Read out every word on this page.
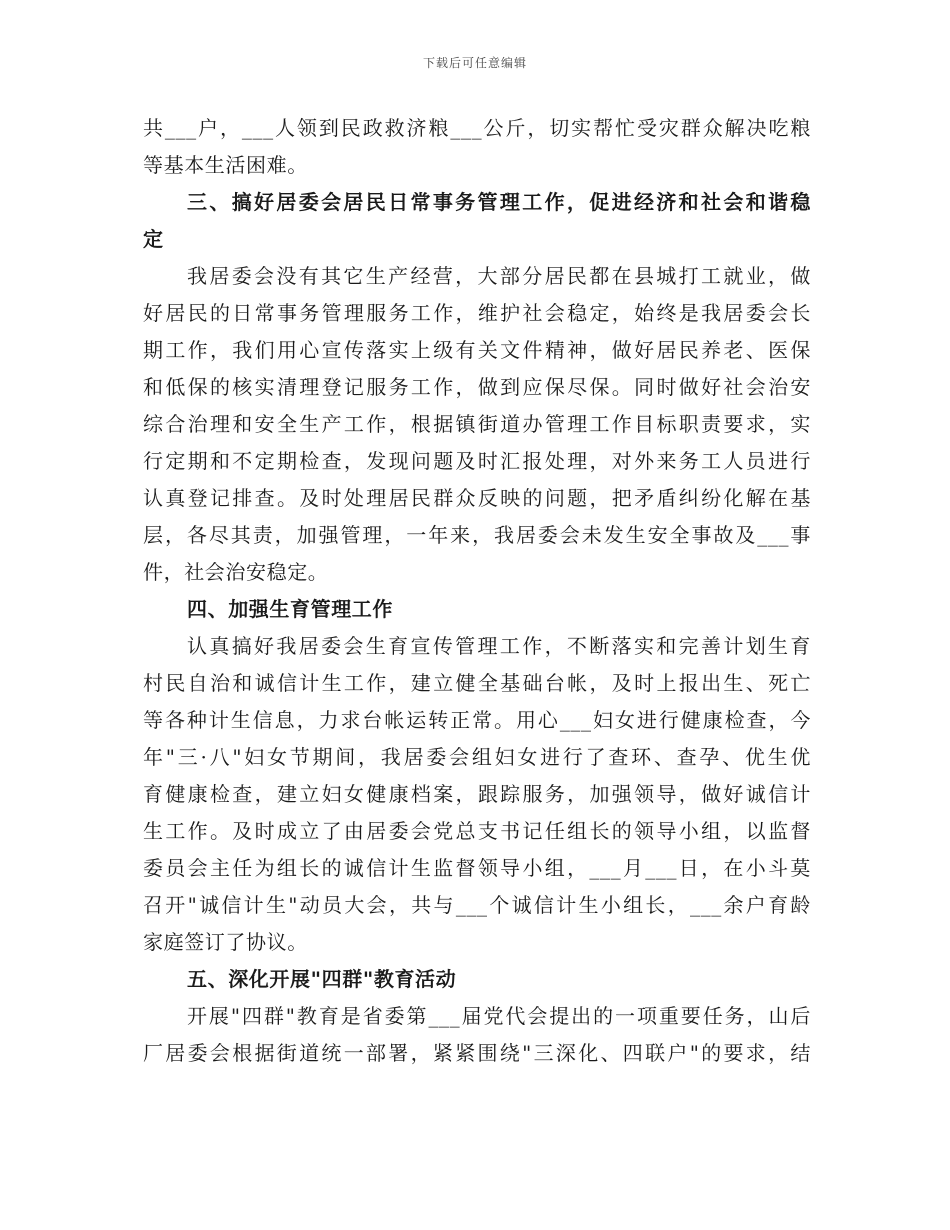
下载后可任意编辑
共___户，___人领到民政救济粮___公斤，切实帮忙受灾群众解决吃粮
等基本生活困难。
三、搞好居委会居民日常事务管理工作，促进经济和社会和谐稳
定
我居委会没有其它生产经营，大部分居民都在县城打工就业，做
好居民的日常事务管理服务工作，维护社会稳定，始终是我居委会长
期工作，我们用心宣传落实上级有关文件精神，做好居民养老、医保
和低保的核实清理登记服务工作，做到应保尽保。同时做好社会治安
综合治理和安全生产工作，根据镇街道办管理工作目标职责要求，实
行定期和不定期检查，发现问题及时汇报处理，对外来务工人员进行
认真登记排查。及时处理居民群众反映的问题，把矛盾纠纷化解在基
层，各尽其责，加强管理，一年来，我居委会未发生安全事故及___事
件，社会治安稳定。
四、加强生育管理工作
认真搞好我居委会生育宣传管理工作，不断落实和完善计划生育
村民自治和诚信计生工作，建立健全基础台帐，及时上报出生、死亡
等各种计生信息，力求台帐运转正常。用心___妇女进行健康检查，今
年"三·八"妇女节期间，我居委会组妇女进行了查环、查孕、优生优
育健康检查，建立妇女健康档案，跟踪服务，加强领导，做好诚信计
生工作。及时成立了由居委会党总支书记任组长的领导小组，以监督
委员会主任为组长的诚信计生监督领导小组，___月___日，在小斗莫
召开"诚信计生"动员大会，共与___个诚信计生小组长，___余户育龄
家庭签订了协议。
五、深化开展"四群"教育活动
开展"四群"教育是省委第___届党代会提出的一项重要任务，山后
厂居委会根据街道统一部署，紧紧围绕"三深化、四联户"的要求，结
